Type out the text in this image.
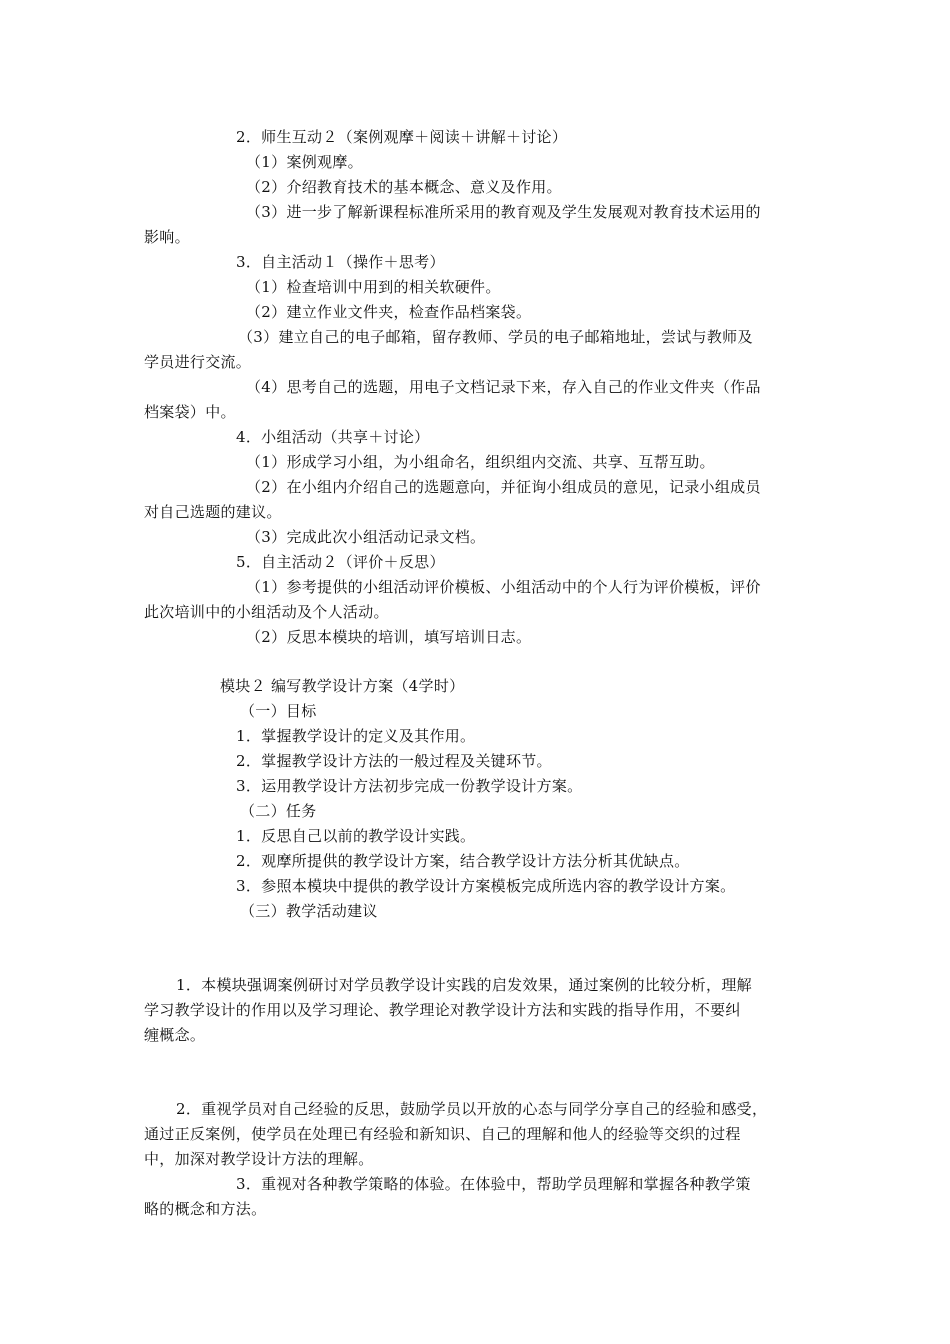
2．师生互动２（案例观摩＋阅读＋讲解＋讨论）
（1）案例观摩。
（2）介绍教育技术的基本概念、意义及作用。
（3）进一步了解新课程标准所采用的教育观及学生发展观对教育技术运用的
影响。
3．自主活动１（操作＋思考）
（1）检查培训中用到的相关软硬件。
（2）建立作业文件夹，检查作品档案袋。
（3）建立自己的电子邮箱，留存教师、学员的电子邮箱地址，尝试与教师及
学员进行交流。
（4）思考自己的选题，用电子文档记录下来，存入自己的作业文件夹（作品
档案袋）中。
4．小组活动（共享＋讨论）
（1）形成学习小组，为小组命名，组织组内交流、共享、互帮互助。
（2）在小组内介绍自己的选题意向，并征询小组成员的意见，记录小组成员
对自己选题的建议。
（3）完成此次小组活动记录文档。
5．自主活动２（评价＋反思）
（1）参考提供的小组活动评价模板、小组活动中的个人行为评价模板，评价
此次培训中的小组活动及个人活动。
（2）反思本模块的培训，填写培训日志。
模块２ 编写教学设计方案（4学时）
（一）目标
1．掌握教学设计的定义及其作用。
2．掌握教学设计方法的一般过程及关键环节。
3．运用教学设计方法初步完成一份教学设计方案。
（二）任务
1．反思自己以前的教学设计实践。
2．观摩所提供的教学设计方案，结合教学设计方法分析其优缺点。
3．参照本模块中提供的教学设计方案模板完成所选内容的教学设计方案。
（三）教学活动建议
1．本模块强调案例研讨对学员教学设计实践的启发效果，通过案例的比较分析，理解
学习教学设计的作用以及学习理论、教学理论对教学设计方法和实践的指导作用，不要纠
缠概念。
2．重视学员对自己经验的反思，鼓励学员以开放的心态与同学分享自己的经验和感受，
通过正反案例，使学员在处理已有经验和新知识、自己的理解和他人的经验等交织的过程
中，加深对教学设计方法的理解。
3．重视对各种教学策略的体验。在体验中，帮助学员理解和掌握各种教学策
略的概念和方法。
